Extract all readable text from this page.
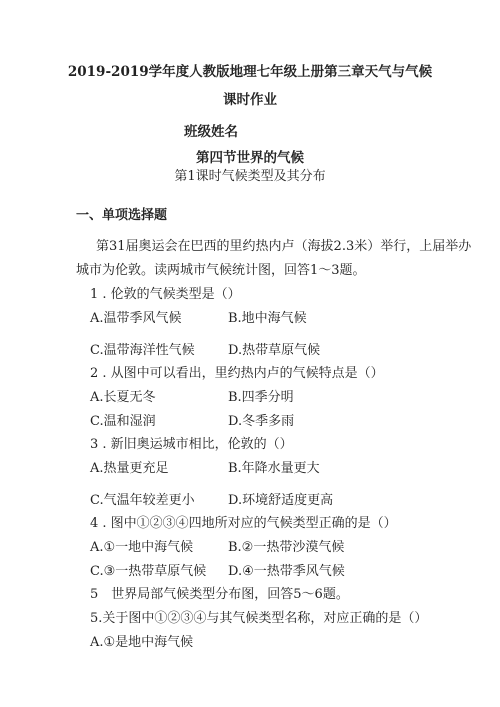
2019-2019学年度人教版地理七年级上册第三章天气与气候
课时作业
班级姓名
第四节世界的气候
第1课时气候类型及其分布
一、单项选择题
第31届奥运会在巴西的里约热内卢（海拔2.3米）举行，上届举办
城市为伦敦。读两城市气候统计图，回答1～3题。
1 . 伦敦的气候类型是（）
A.温带季风气候	B.地中海气候
C.温带海洋性气候	D.热带草原气候
2 . 从图中可以看出，里约热内卢的气候特点是（）
A.长夏无冬	B.四季分明
C.温和湿润	D.冬季多雨
3 . 新旧奥运城市相比，伦敦的（）
A.热量更充足	B.年降水量更大
C.气温年较差更小	D.环境舒适度更高
4 . 图中①②③④四地所对应的气候类型正确的是（）
A.①一地中海气候	B.②一热带沙漠气候
C.③一热带草原气候 D.④一热带季风气候
5　世界局部气候类型分布图，回答5～6题。
5.关于图中①②③④与其气候类型名称，对应正确的是（）
A.①是地中海气候
